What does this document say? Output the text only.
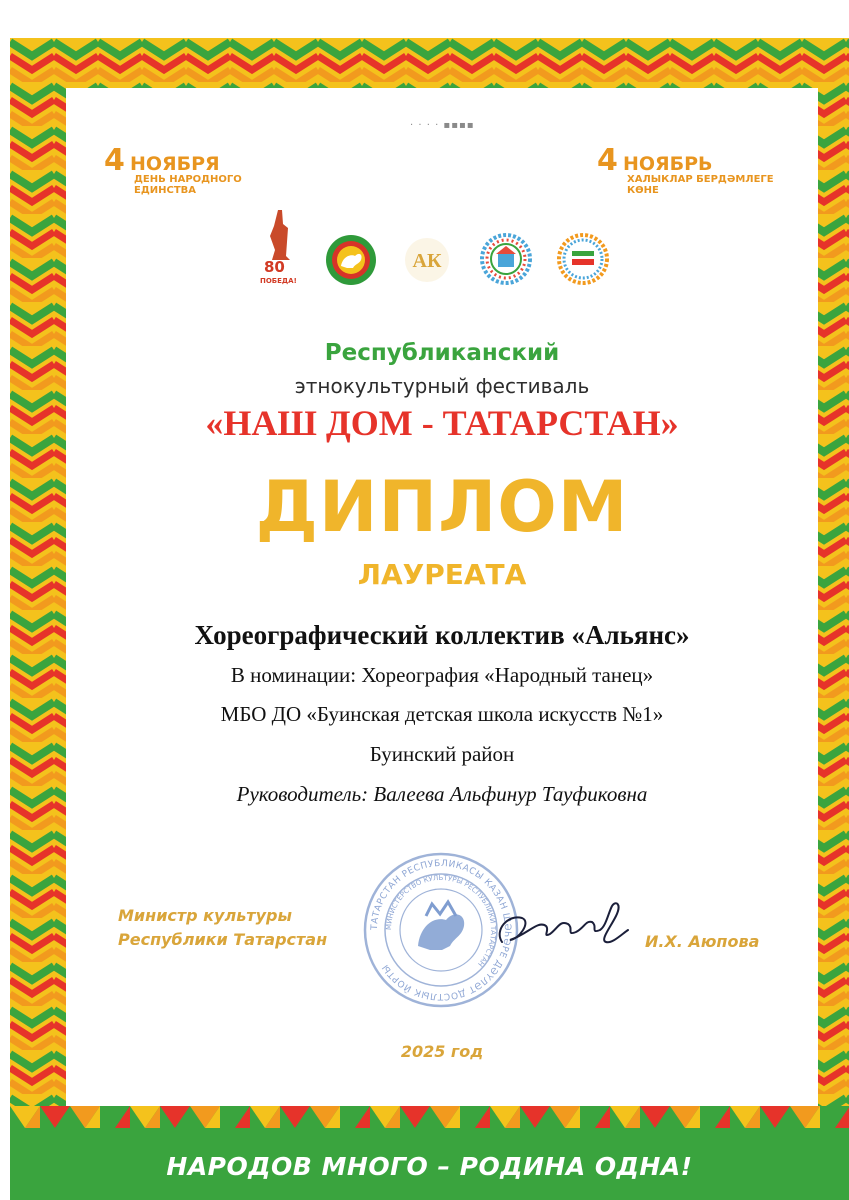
· · · · ▪▪▪▪
4 НОЯБРЯ
ДЕНЬ НАРОДНОГО
ЕДИНСТВА
4 НОЯБРЬ
ХАЛЫКЛАР БЕРДӘМЛЕГЕ
КӨНЕ
80
ПОБЕДА!
АК
Республиканский
этнокультурный фестиваль
«НАШ ДОМ - ТАТАРСТАН»
ДИПЛОМ
ЛАУРЕАТА
Хореографический коллектив «Альянс»
В номинации: Хореография «Народный танец»
МБО ДО «Буинская детская школа искусств №1»
Буинский район
Руководитель: Валеева Альфинур Тауфиковна
Министр культуры
Республики Татарстан
ТАТАРСТАН РЕСПУБЛИКАСЫ КАЗАН ШӘҺӘРЕ ДӘҮЛӘТ ДОСТЛЫК ЙОРТЫ
МИНИСТЕРСТВО КУЛЬТУРЫ РЕСПУБЛИКИ ТАТАРСТАН
И.Х. Аюпова
2025 год
НАРОДОВ МНОГО – РОДИНА ОДНА!
